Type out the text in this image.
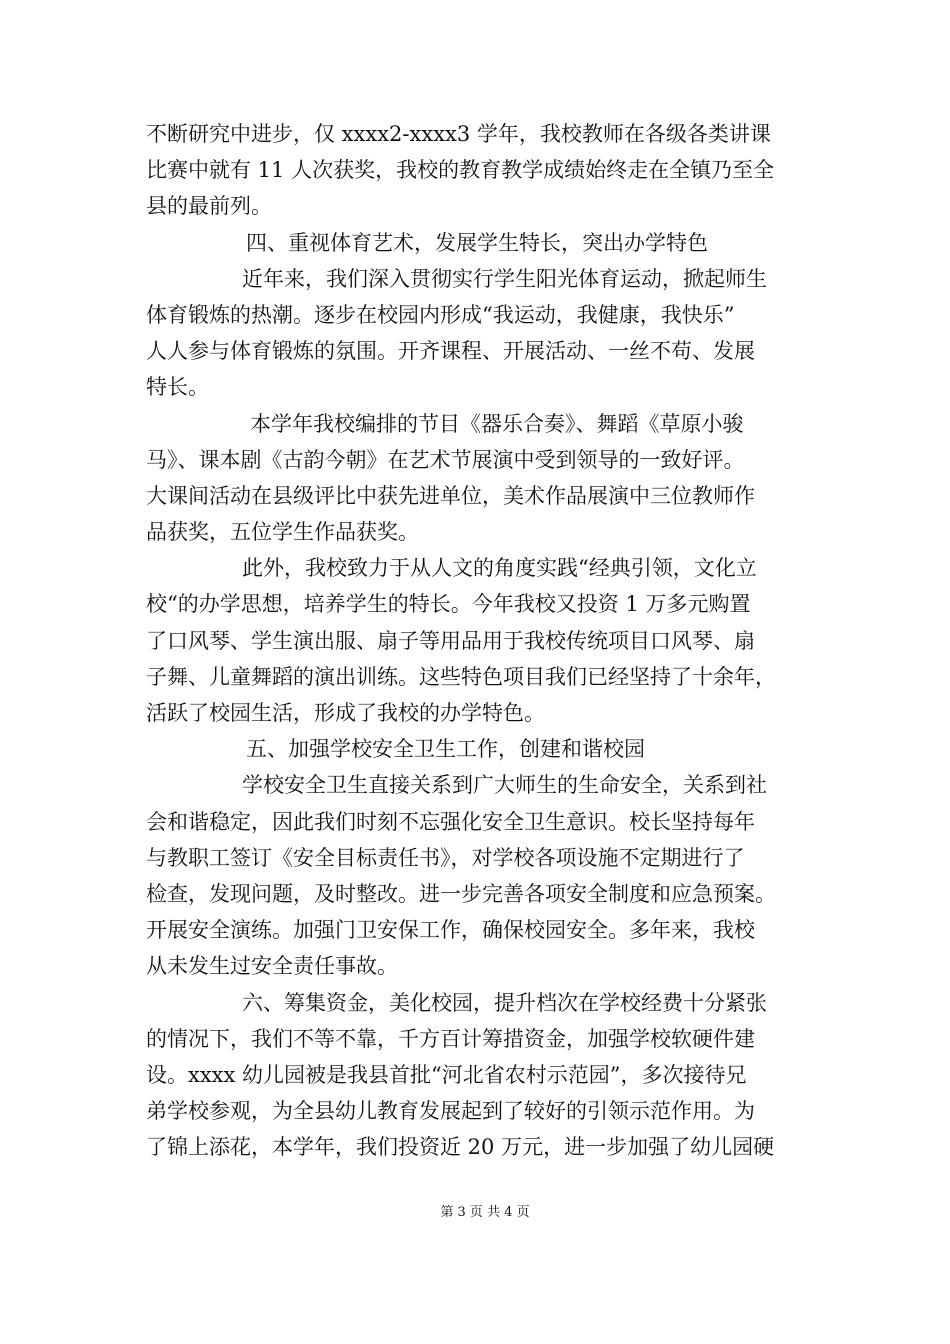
不断研究中进步，仅 xxxx2-xxxx3 学年，我校教师在各级各类讲课
比赛中就有 11 人次获奖，我校的教育教学成绩始终走在全镇乃至全
县的最前列。
四、重视体育艺术，发展学生特长，突出办学特色
近年来，我们深入贯彻实行学生阳光体育运动，掀起师生
体育锻炼的热潮。逐步在校园内形成“我运动，我健康，我快乐”
人人参与体育锻炼的氛围。开齐课程、开展活动、一丝不苟、发展
特长。
本学年我校编排的节目《器乐合奏》、舞蹈《草原小骏
马》、课本剧《古韵今朝》在艺术节展演中受到领导的一致好评。
大课间活动在县级评比中获先进单位，美术作品展演中三位教师作
品获奖，五位学生作品获奖。
此外，我校致力于从人文的角度实践“经典引领，文化立
校“的办学思想，培养学生的特长。今年我校又投资 1 万多元购置
了口风琴、学生演出服、扇子等用品用于我校传统项目口风琴、扇
子舞、儿童舞蹈的演出训练。这些特色项目我们已经坚持了十余年，
活跃了校园生活，形成了我校的办学特色。
五、加强学校安全卫生工作，创建和谐校园
学校安全卫生直接关系到广大师生的生命安全，关系到社
会和谐稳定，因此我们时刻不忘强化安全卫生意识。校长坚持每年
与教职工签订《安全目标责任书》，对学校各项设施不定期进行了
检查，发现问题，及时整改。进一步完善各项安全制度和应急预案。
开展安全演练。加强门卫安保工作，确保校园安全。多年来，我校
从未发生过安全责任事故。
六、筹集资金，美化校园，提升档次在学校经费十分紧张
的情况下，我们不等不靠，千方百计筹措资金，加强学校软硬件建
设。xxxx 幼儿园被是我县首批“河北省农村示范园”，多次接待兄
弟学校参观，为全县幼儿教育发展起到了较好的引领示范作用。为
了锦上添花，本学年，我们投资近 20 万元，进一步加强了幼儿园硬
第 3 页 共 4 页
